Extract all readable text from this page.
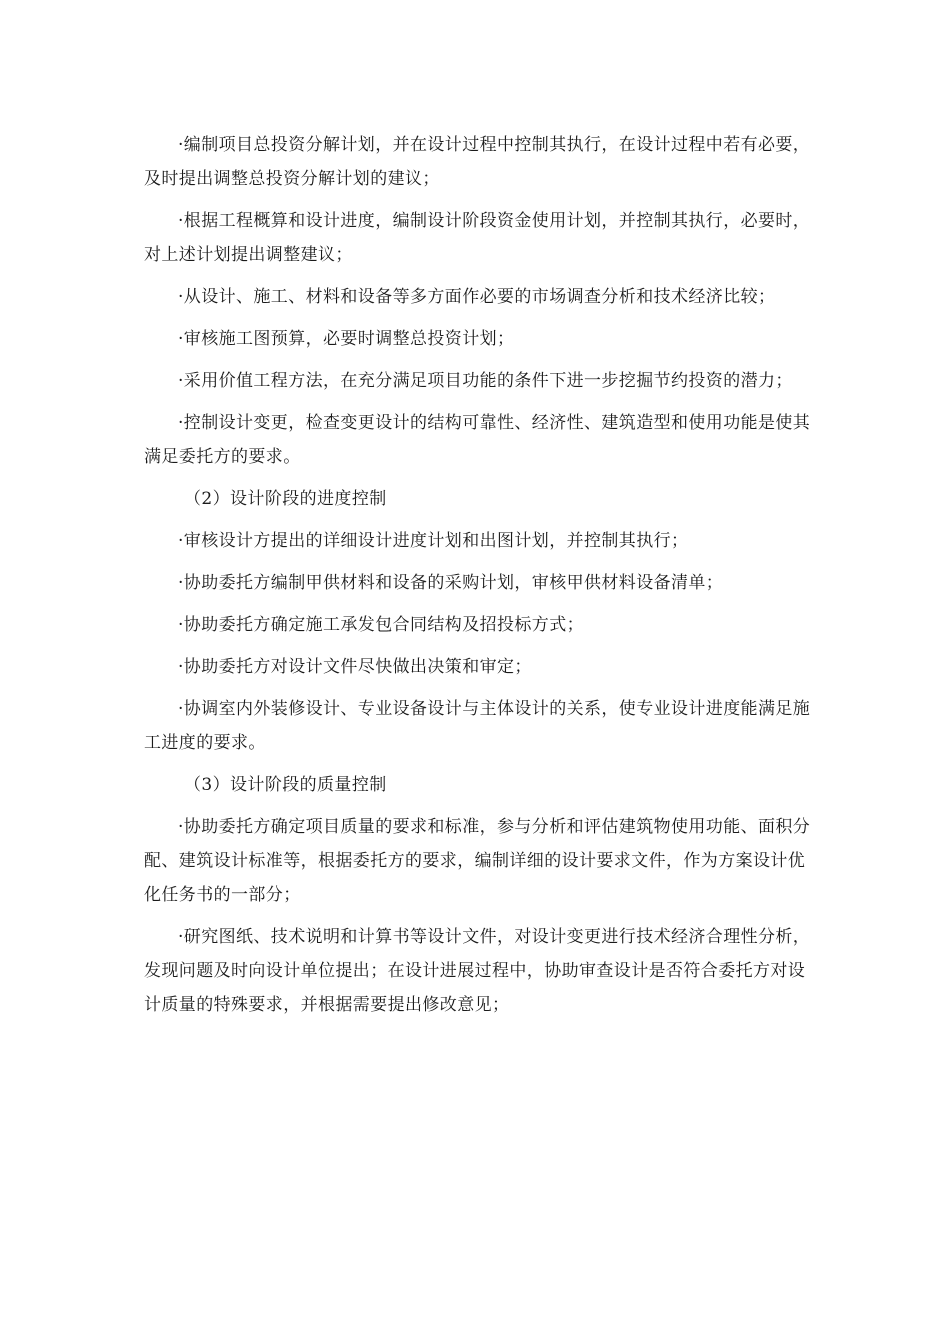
·编制项目总投资分解计划，并在设计过程中控制其执行，在设计过程中若有必要，及时提出调整总投资分解计划的建议；

·根据工程概算和设计进度，编制设计阶段资金使用计划，并控制其执行，必要时，对上述计划提出调整建议；

·从设计、施工、材料和设备等多方面作必要的市场调查分析和技术经济比较；

·审核施工图预算，必要时调整总投资计划；

·采用价值工程方法，在充分满足项目功能的条件下进一步挖掘节约投资的潜力；

·控制设计变更，检查变更设计的结构可靠性、经济性、建筑造型和使用功能是使其满足委托方的要求。

（2）设计阶段的进度控制

·审核设计方提出的详细设计进度计划和出图计划，并控制其执行；

·协助委托方编制甲供材料和设备的采购计划，审核甲供材料设备清单；

·协助委托方确定施工承发包合同结构及招投标方式；

·协助委托方对设计文件尽快做出决策和审定；

·协调室内外装修设计、专业设备设计与主体设计的关系，使专业设计进度能满足施工进度的要求。

（3）设计阶段的质量控制

·协助委托方确定项目质量的要求和标准，参与分析和评估建筑物使用功能、面积分配、建筑设计标准等，根据委托方的要求，编制详细的设计要求文件，作为方案设计优化任务书的一部分；

·研究图纸、技术说明和计算书等设计文件，对设计变更进行技术经济合理性分析，发现问题及时向设计单位提出；在设计进展过程中，协助审查设计是否符合委托方对设计质量的特殊要求，并根据需要提出修改意见；
